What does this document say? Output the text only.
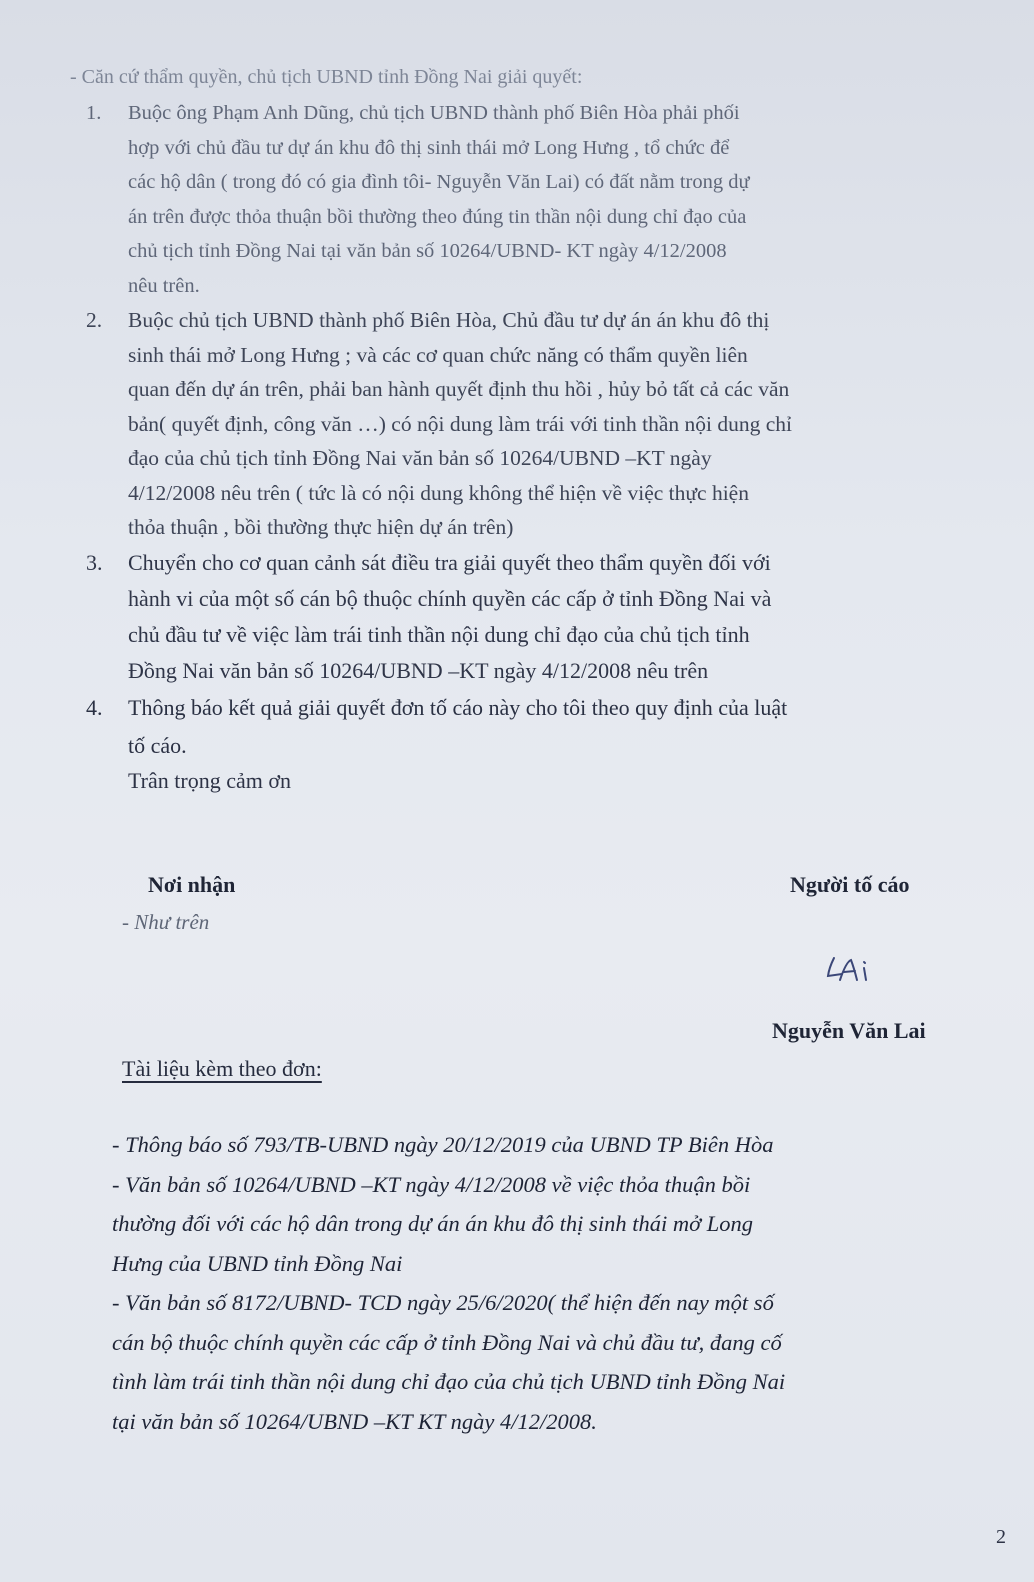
- Căn cứ thẩm quyền, chủ tịch UBND tỉnh Đồng Nai giải quyết:
1. Buộc ông Phạm Anh Dũng, chủ tịch UBND thành phố Biên Hòa phải phối
hợp với chủ đầu tư dự án khu đô thị sinh thái mở Long Hưng , tổ chức để
các hộ dân ( trong đó có gia đình tôi- Nguyễn Văn Lai) có đất nằm trong dự
án trên được thỏa thuận bồi thường theo đúng tin thần nội dung chỉ đạo của
chủ tịch tỉnh Đồng Nai tại văn bản số 10264/UBND- KT ngày 4/12/2008
nêu trên.
2. Buộc chủ tịch UBND thành phố Biên Hòa, Chủ đầu tư dự án án khu đô thị
sinh thái mở Long Hưng ; và các cơ quan chức năng có thẩm quyền liên
quan đến dự án trên, phải ban hành quyết định thu hồi , hủy bỏ tất cả các văn
bản( quyết định, công văn …) có nội dung làm trái với tinh thần nội dung chỉ
đạo của chủ tịch tỉnh Đồng Nai văn bản số 10264/UBND –KT ngày
4/12/2008 nêu trên ( tức là có nội dung không thể hiện về việc thực hiện
thỏa thuận , bồi thường thực hiện dự án trên)
3. Chuyển cho cơ quan cảnh sát điều tra giải quyết theo thẩm quyền đối với
hành vi của một số cán bộ thuộc chính quyền các cấp ở tỉnh Đồng Nai và
chủ đầu tư về việc làm trái tinh thần nội dung chỉ đạo của chủ tịch tỉnh
Đồng Nai văn bản số 10264/UBND –KT ngày 4/12/2008 nêu trên
4. Thông báo kết quả giải quyết đơn tố cáo này cho tôi theo quy định của luật
tố cáo.
Trân trọng cảm ơn
Nơi nhận
- Như trên
Người tố cáo
Nguyễn Văn Lai
Tài liệu kèm theo đơn:
- Thông báo số 793/TB-UBND ngày 20/12/2019 của UBND TP Biên Hòa
- Văn bản số 10264/UBND –KT ngày 4/12/2008 về việc thỏa thuận bồi
thường đối với các hộ dân trong dự án án khu đô thị sinh thái mở Long
Hưng của UBND tỉnh Đồng Nai
- Văn bản số 8172/UBND- TCD ngày 25/6/2020( thể hiện đến nay một số
cán bộ thuộc chính quyền các cấp ở tỉnh Đồng Nai và chủ đầu tư, đang cố
tình làm trái tinh thần nội dung chỉ đạo của chủ tịch UBND tỉnh Đồng Nai
tại văn bản số 10264/UBND –KT KT ngày 4/12/2008.
2
